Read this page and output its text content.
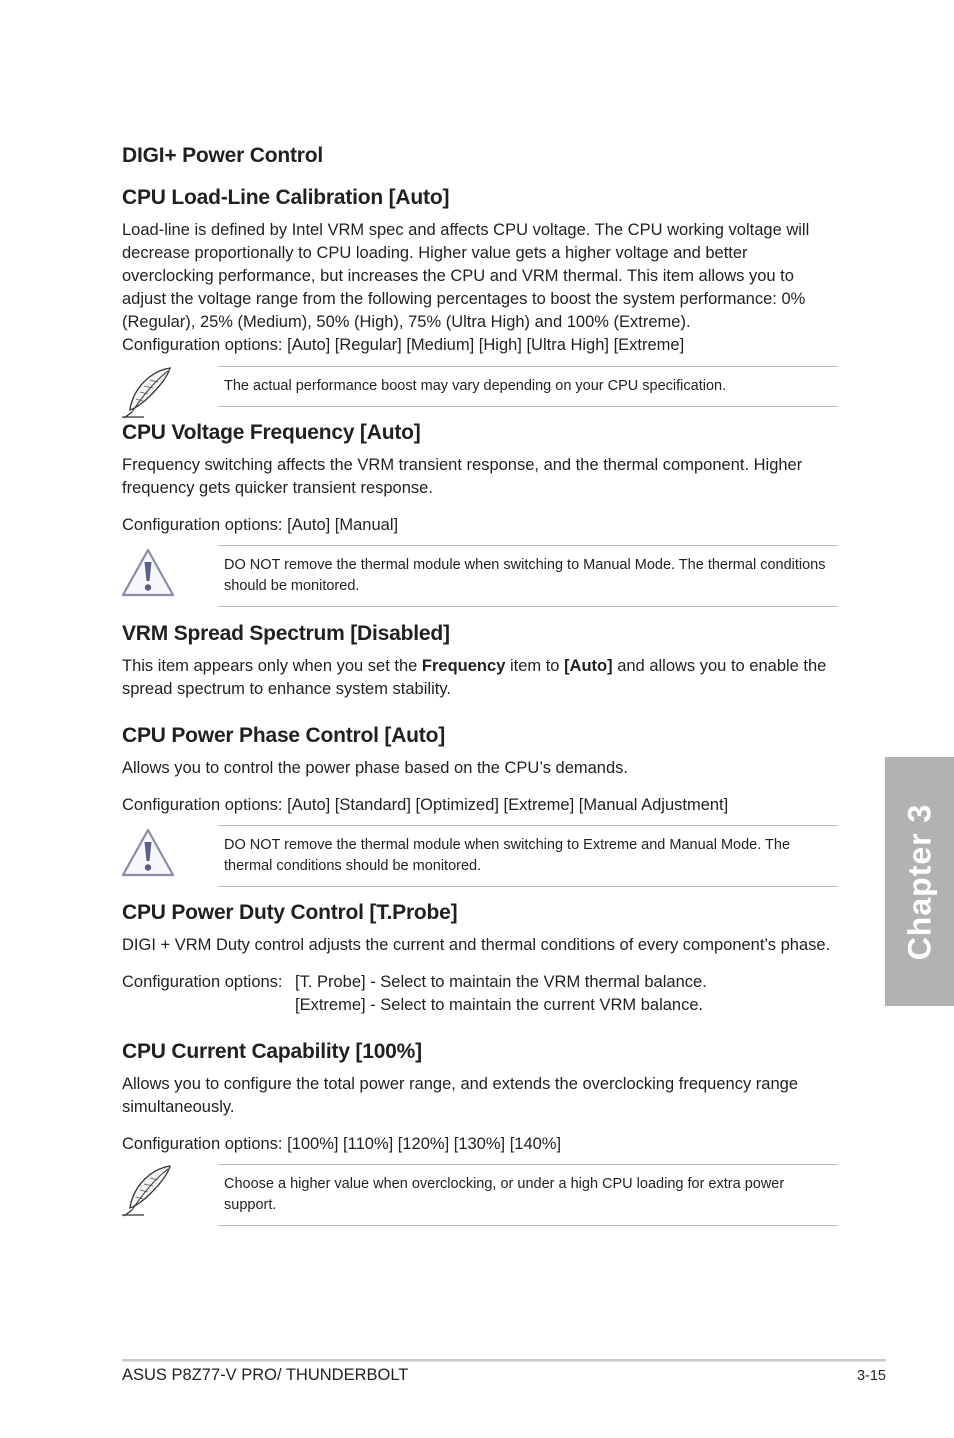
DIGI+ Power Control
CPU Load-Line Calibration [Auto]

Load-line is defined by Intel VRM spec and affects CPU voltage. The CPU working voltage will decrease proportionally to CPU loading. Higher value gets a higher voltage and better overclocking performance, but increases the CPU and VRM thermal. This item allows you to adjust the voltage range from the following percentages to boost the system performance: 0% (Regular), 25% (Medium), 50% (High), 75% (Ultra High) and 100% (Extreme).

Configuration options: [Auto] [Regular] [Medium] [High] [Ultra High] [Extreme]

The actual performance boost may vary depending on your CPU specification.
CPU Voltage Frequency [Auto]

Frequency switching affects the VRM transient response, and the thermal component. Higher frequency gets quicker transient response.

Configuration options: [Auto] [Manual]

DO NOT remove the thermal module when switching to Manual Mode. The thermal conditions should be monitored.
VRM Spread Spectrum [Disabled]

This item appears only when you set the Frequency item to [Auto] and allows you to enable the spread spectrum to enhance system stability.

CPU Power Phase Control [Auto]

Allows you to control the power phase based on the CPU’s demands.

Configuration options: [Auto] [Standard] [Optimized] [Extreme] [Manual Adjustment]

DO NOT remove the thermal module when switching to Extreme and Manual Mode. The thermal conditions should be monitored.
CPU Power Duty Control [T.Probe]

DIGI + VRM Duty control adjusts the current and thermal conditions of every component’s phase.

Configuration options: [T. Probe] - Select to maintain the VRM thermal balance.

[Extreme] - Select to maintain the current VRM balance.

CPU Current Capability [100%]

Allows you to configure the total power range, and extends the overclocking frequency range simultaneously.

Configuration options: [100%] [110%] [120%] [130%] [140%]

Choose a higher value when overclocking, or under a high CPU loading for extra power support.
Chapter 3
ASUS P8Z77-V PRO/ THUNDERBOLT	3-15
